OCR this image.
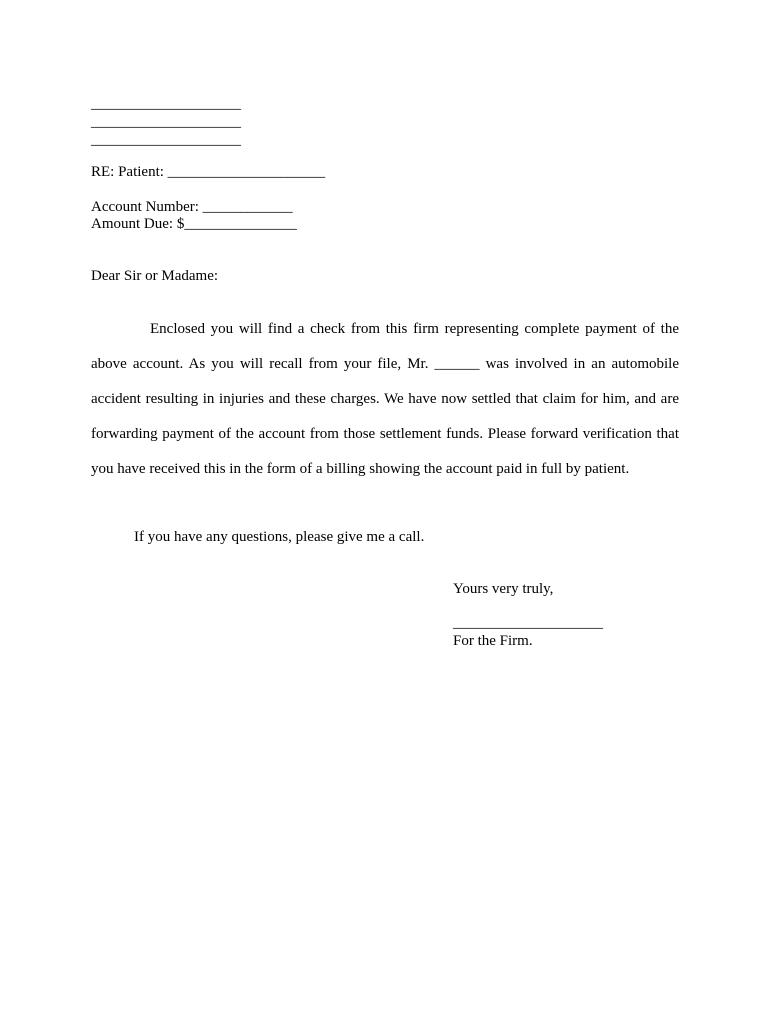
____________________
____________________
____________________
RE: Patient: _____________________
Account Number: ____________
Amount Due: $_______________
Dear Sir or Madame:
Enclosed you will find a check from this firm representing complete payment of the above account. As you will recall from your file, Mr. ______ was involved in an automobile accident resulting in injuries and these charges. We have now settled that claim for him, and are forwarding payment of the account from those settlement funds. Please forward verification that you have received this in the form of a billing showing the account paid in full by patient.
If you have any questions, please give me a call.
Yours very truly,
____________________
For the Firm.
